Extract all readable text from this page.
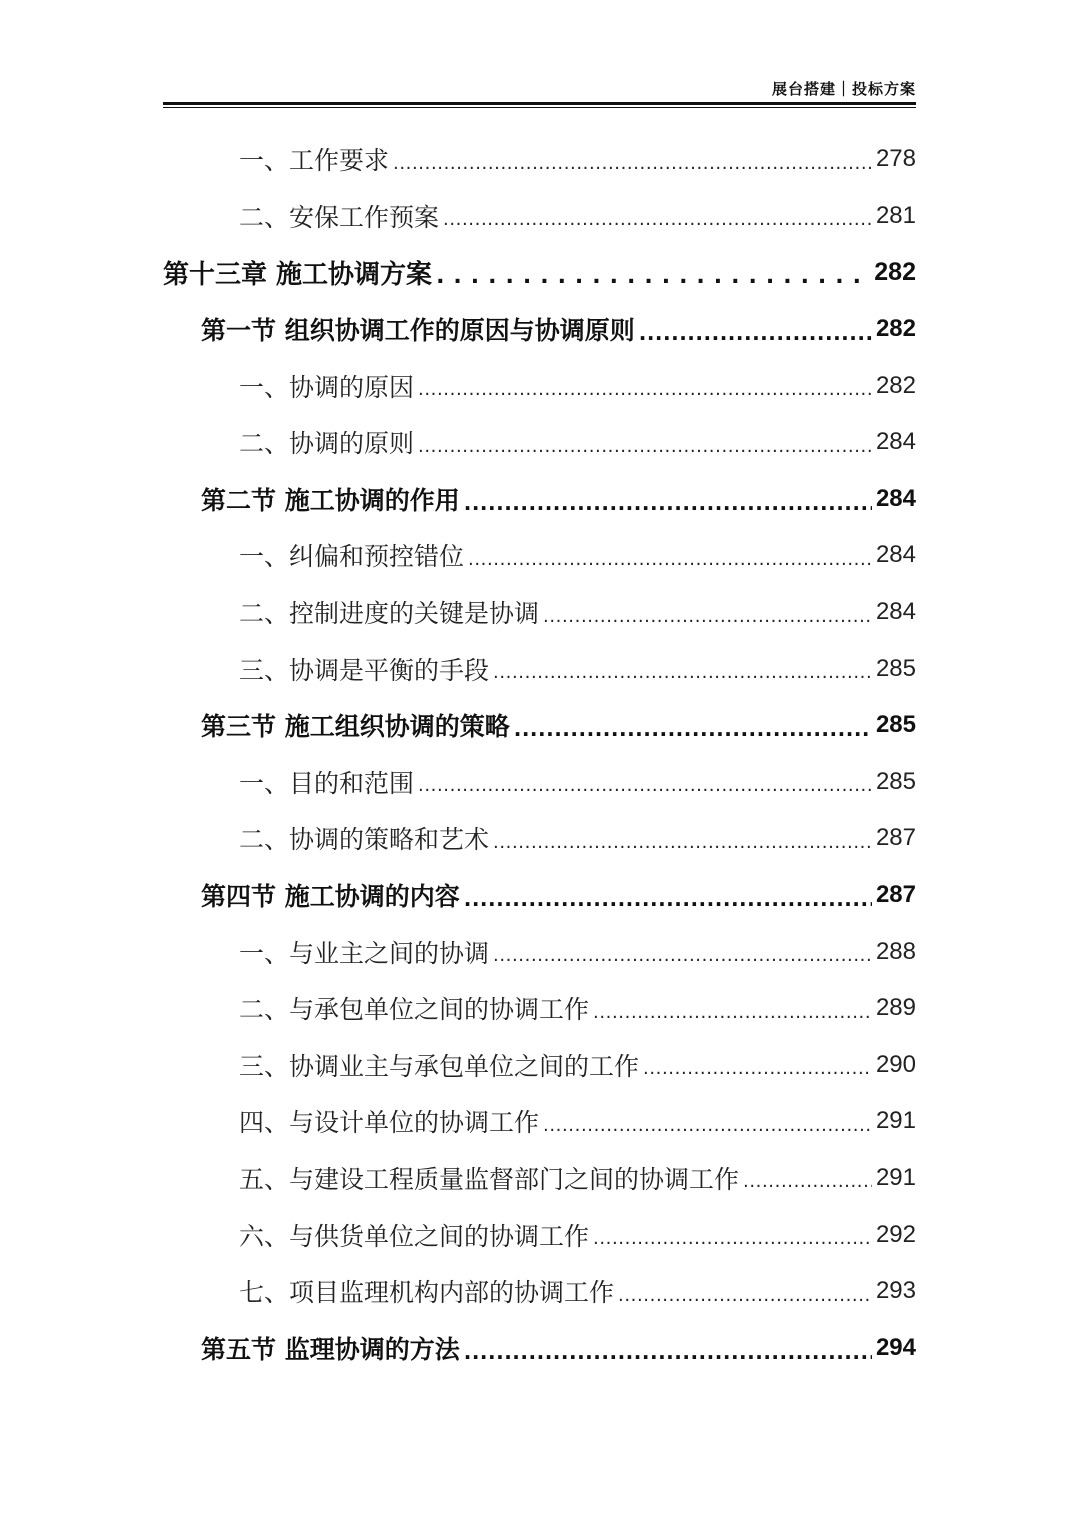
展台搭建｜投标方案
一、工作要求 .....	278
二、安保工作预案 .....	281
第十三章 施工协调方案 .....	282
第一节 组织协调工作的原因与协调原则 .....	282
一、协调的原因 .....	282
二、协调的原则 .....	284
第二节 施工协调的作用 .....	284
一、纠偏和预控错位 .....	284
二、控制进度的关键是协调 .....	284
三、协调是平衡的手段 .....	285
第三节 施工组织协调的策略 .....	285
一、目的和范围 .....	285
二、协调的策略和艺术 .....	287
第四节 施工协调的内容 .....	287
一、与业主之间的协调 .....	288
二、与承包单位之间的协调工作 .....	289
三、协调业主与承包单位之间的工作 .....	290
四、与设计单位的协调工作 .....	291
五、与建设工程质量监督部门之间的协调工作 .....	291
六、与供货单位之间的协调工作 .....	292
七、项目监理机构内部的协调工作 .....	293
第五节 监理协调的方法 .....	294
